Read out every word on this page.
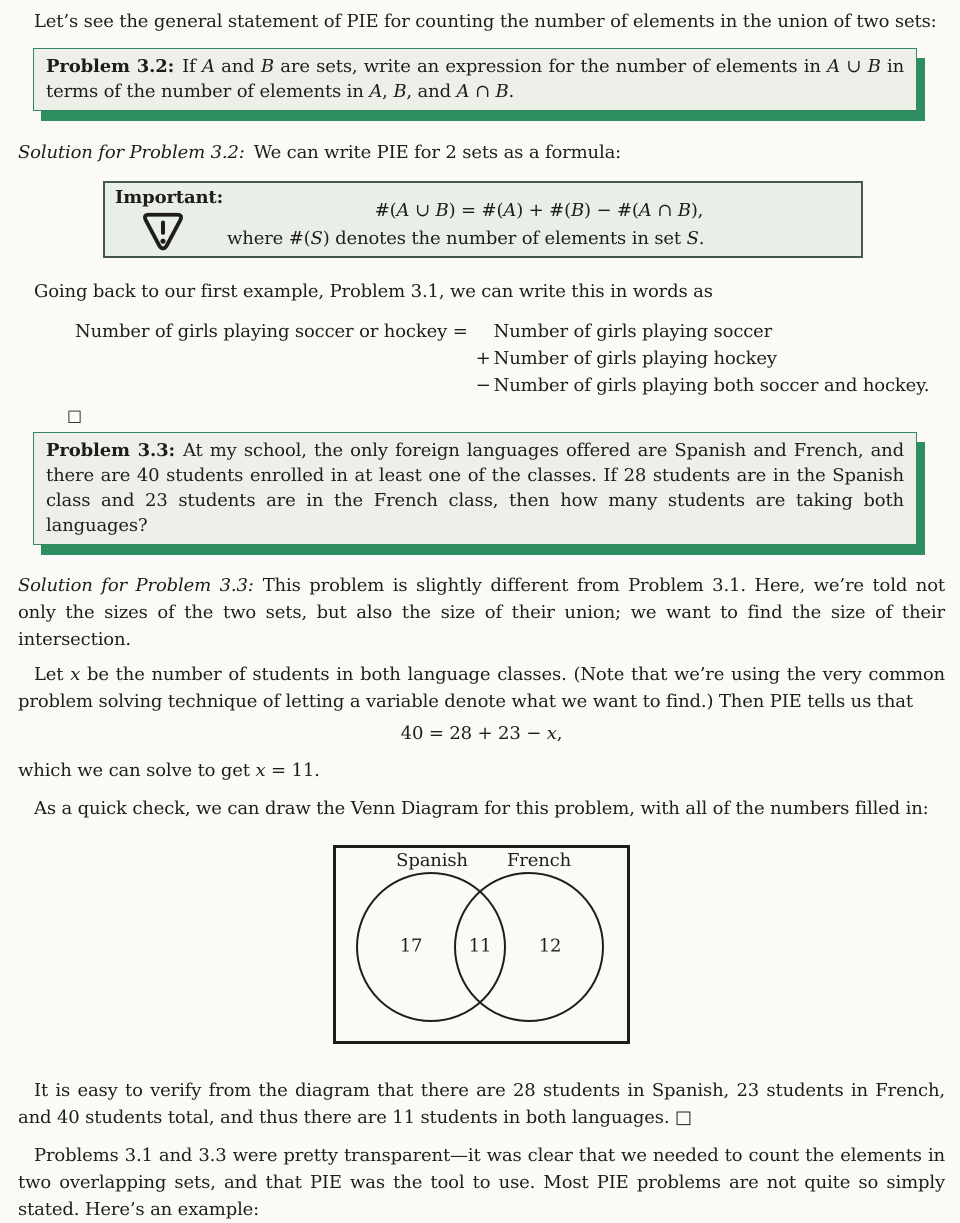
Let’s see the general statement of PIE for counting the number of elements in the union of two sets:

Problem 3.2: If A and B are sets, write an expression for the number of elements in A ∪ B in terms of the number of elements in A, B, and A ∩ B.

Solution for Problem 3.2: We can write PIE for 2 sets as a formula:

Important:
#(A ∪ B) = #(A) + #(B) − #(A ∩ B),
where #(S) denotes the number of elements in set S.

Going back to our first example, Problem 3.1, we can write this in words as

Number of girls playing soccer or hockey = Number of girls playing soccer
+ Number of girls playing hockey
− Number of girls playing both soccer and hockey.
□
Problem 3.3: At my school, the only foreign languages offered are Spanish and French, and there are 40 students enrolled in at least one of the classes. If 28 students are in the Spanish class and 23 students are in the French class, then how many students are taking both languages?

Solution for Problem 3.3: This problem is slightly different from Problem 3.1. Here, we’re told not only the sizes of the two sets, but also the size of their union; we want to find the size of their intersection.

Let x be the number of students in both language classes. (Note that we’re using the very common problem solving technique of letting a variable denote what we want to find.) Then PIE tells us that

40 = 28 + 23 − x,

which we can solve to get x = 11.

As a quick check, we can draw the Venn Diagram for this problem, with all of the numbers filled in:

Spanish French
17	11	12

It is easy to verify from the diagram that there are 28 students in Spanish, 23 students in French, and 40 students total, and thus there are 11 students in both languages. □

Problems 3.1 and 3.3 were pretty transparent—it was clear that we needed to count the elements in two overlapping sets, and that PIE was the tool to use. Most PIE problems are not quite so simply stated. Here’s an example:
